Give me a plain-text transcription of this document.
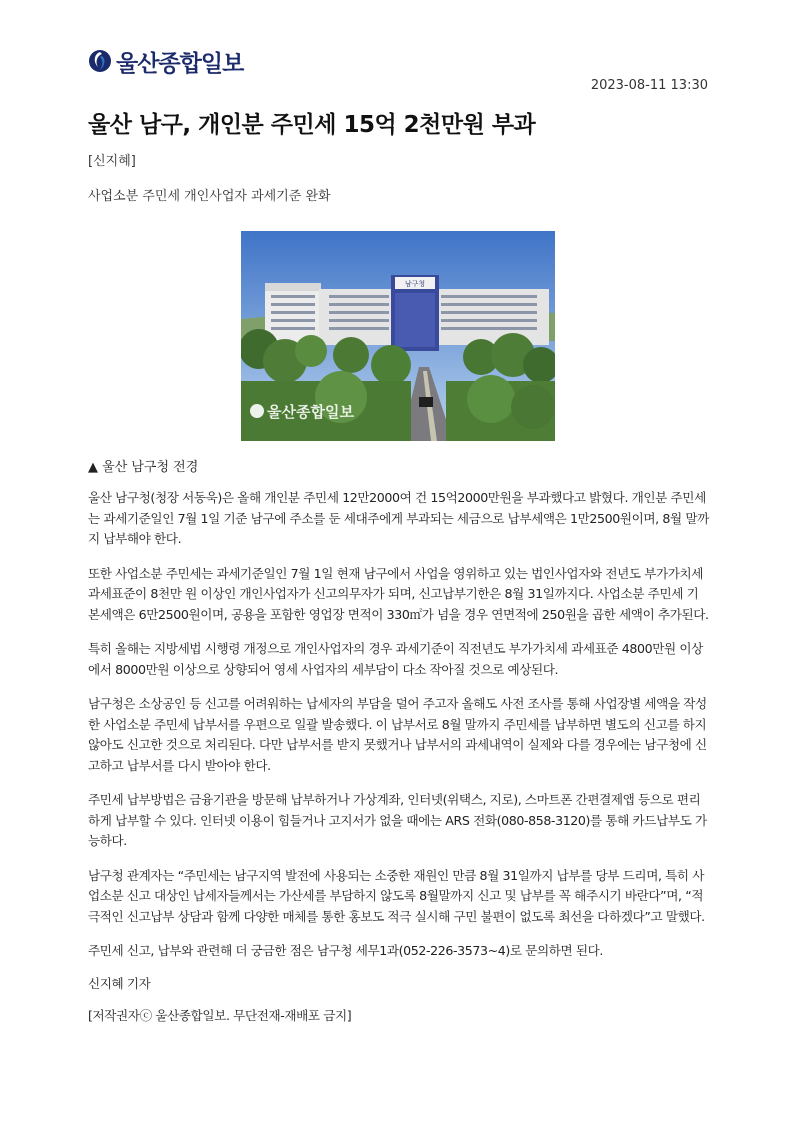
울산종합일보
2023-08-11 13:30
울산 남구, 개인분 주민세 15억 2천만원 부과
[신지혜]
사업소분 주민세 개인사업자 과세기준 완화
남구청
울산종합일보
▲ 울산 남구청 전경

울산 남구청(청장 서동욱)은 올해 개인분 주민세 12만2000여 건 15억2000만원을 부과했다고 밝혔다. 개인분 주민세는 과세기준일인 7월 1일 기준 남구에 주소를 둔 세대주에게 부과되는 세금으로 납부세액은 1만2500원이며, 8월 말까지 납부해야 한다.

또한 사업소분 주민세는 과세기준일인 7월 1일 현재 남구에서 사업을 영위하고 있는 법인사업자와 전년도 부가가치세 과세표준이 8천만 원 이상인 개인사업자가 신고의무자가 되며, 신고납부기한은 8월 31일까지다. 사업소분 주민세 기본세액은 6만2500원이며, 공용을 포함한 영업장 면적이 330㎡가 넘을 경우 연면적에 250원을 곱한 세액이 추가된다.

특히 올해는 지방세법 시행령 개정으로 개인사업자의 경우 과세기준이 직전년도 부가가치세 과세표준 4800만원 이상에서 8000만원 이상으로 상향되어 영세 사업자의 세부담이 다소 작아질 것으로 예상된다.

남구청은 소상공인 등 신고를 어려워하는 납세자의 부담을 덜어 주고자 올해도 사전 조사를 통해 사업장별 세액을 작성한 사업소분 주민세 납부서를 우편으로 일괄 발송했다. 이 납부서로 8월 말까지 주민세를 납부하면 별도의 신고를 하지 않아도 신고한 것으로 처리된다. 다만 납부서를 받지 못했거나 납부서의 과세내역이 실제와 다를 경우에는 남구청에 신고하고 납부서를 다시 받아야 한다.

주민세 납부방법은 금융기관을 방문해 납부하거나 가상계좌, 인터넷(위택스, 지로), 스마트폰 간편결제앱 등으로 편리하게 납부할 수 있다. 인터넷 이용이 힘들거나 고지서가 없을 때에는 ARS 전화(080-858-3120)를 통해 카드납부도 가능하다.

남구청 관계자는 “주민세는 남구지역 발전에 사용되는 소중한 재원인 만큼 8월 31일까지 납부를 당부 드리며, 특히 사업소분 신고 대상인 납세자들께서는 가산세를 부담하지 않도록 8월말까지 신고 및 납부를 꼭 해주시기 바란다”며, “적극적인 신고납부 상담과 함께 다양한 매체를 통한 홍보도 적극 실시해 구민 불편이 없도록 최선을 다하겠다”고 말했다.

주민세 신고, 납부와 관련해 더 궁금한 점은 남구청 세무1과(052-226-3573~4)로 문의하면 된다.

신지혜 기자

[저작권자ⓒ 울산종합일보. 무단전재-재배포 금지]
